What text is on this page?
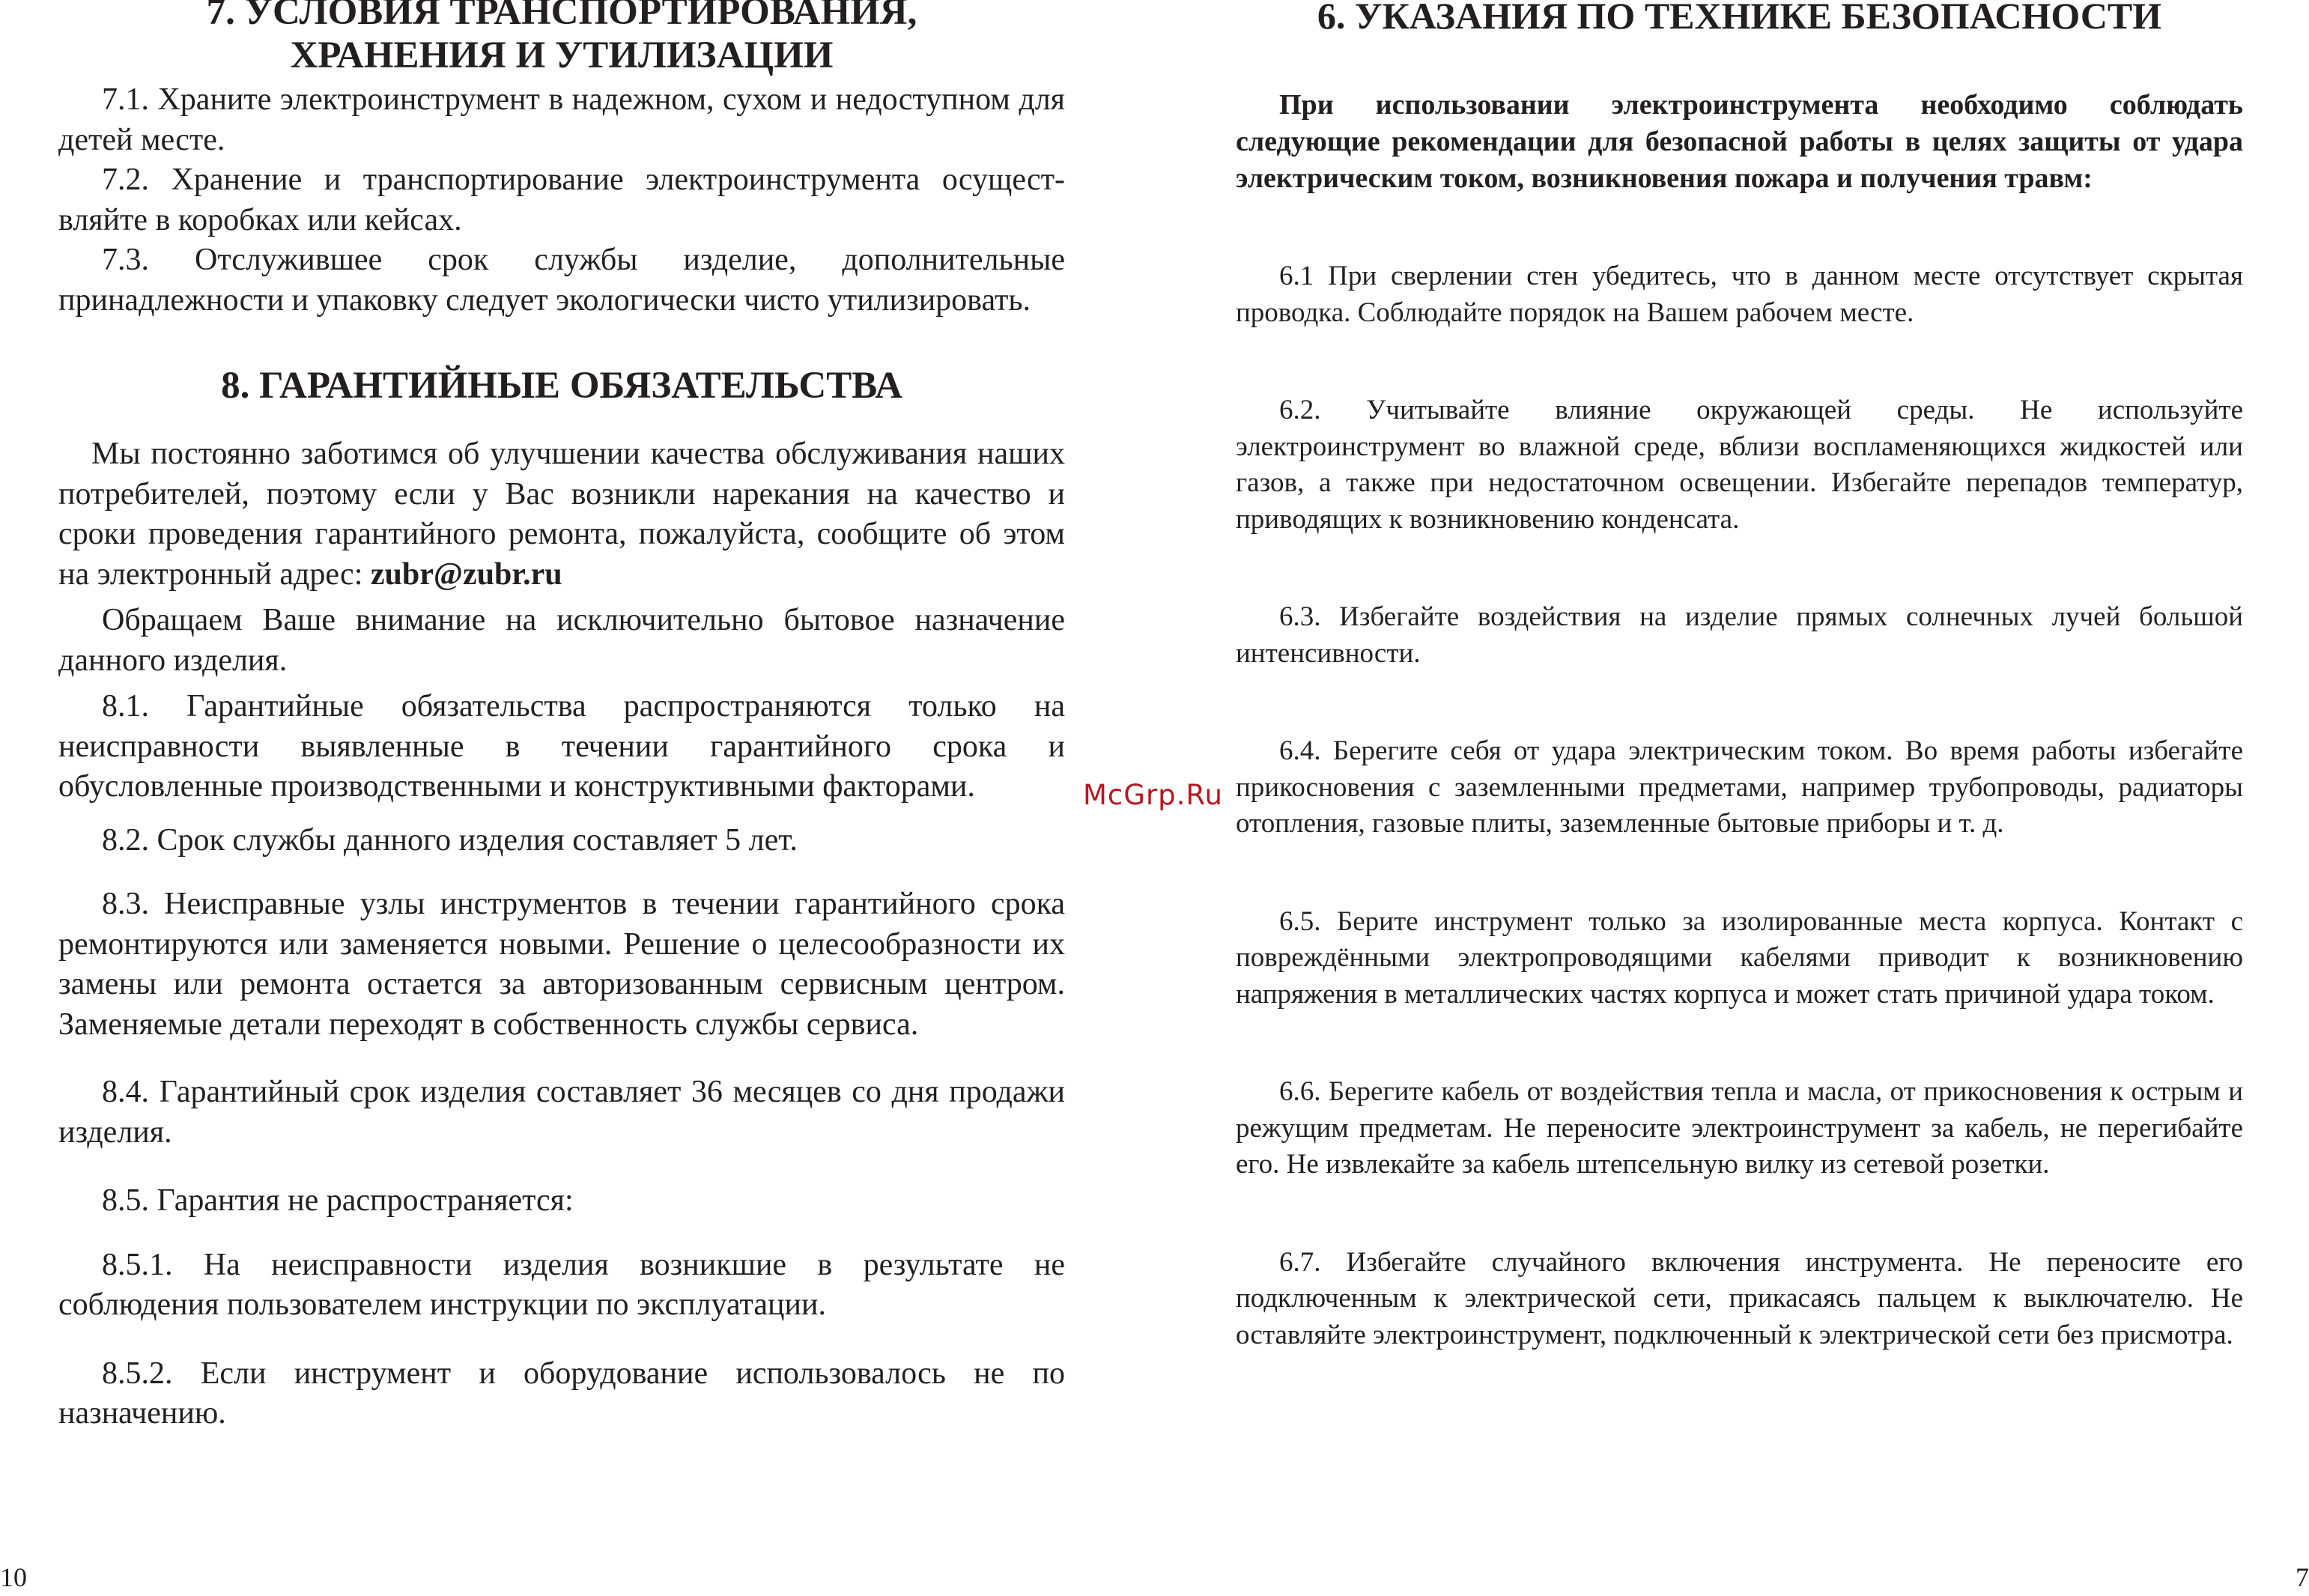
7. УСЛОВИЯ ТРАНСПОРТИРОВАНИЯ,
ХРАНЕНИЯ И УТИЛИЗАЦИИ

7.1. Храните электроинструмент в надежном, сухом и недоступном для детей месте.

7.2. Хранение и транспортирование электроинструмента осущест-вляйте в коробках или кейсах.

7.3. Отслужившее срок службы изделие, дополнительные принадлежности и упаковку следует экологически чисто утилизировать.

8. ГАРАНТИЙНЫЕ ОБЯЗАТЕЛЬСТВА

Мы постоянно заботимся об улучшении качества обслуживания наших потребителей, поэтому если у Вас возникли нарекания на качество и сроки проведения гарантийного ремонта, пожалуйста, сообщите об этом на электронный адрес: zubr@zubr.ru

Обращаем Ваше внимание на исключительно бытовое назначение данного изделия.

8.1. Гарантийные обязательства распространяются только на неисправности выявленные в течении гарантийного срока и обусловленные производственными и конструктивными факторами.

8.2. Срок службы данного изделия составляет 5 лет.

8.3. Неисправные узлы инструментов в течении гарантийного срока ремонтируются или заменяется новыми. Решение о целесообразности их замены или ремонта остается за авторизованным сервисным центром. Заменяемые детали переходят в собственность службы сервиса.

8.4. Гарантийный срок изделия составляет 36 месяцев со дня продажи изделия.

8.5. Гарантия не распространяется:

8.5.1. На неисправности изделия возникшие в результате не соблюдения пользователем инструкции по эксплуатации.

8.5.2. Если инструмент и оборудование использовалось не по назначению.

6. УКАЗАНИЯ ПО ТЕХНИКЕ БЕЗОПАСНОСТИ

При использовании электроинструмента необходимо соблюдать следующие рекомендации для безопасной работы в целях защиты от удара электрическим током, возникновения пожара и получения травм:

6.1 При сверлении стен убедитесь, что в данном месте отсутствует скрытая проводка. Соблюдайте порядок на Вашем рабочем месте.

6.2. Учитывайте влияние окружающей среды. Не используйте электроинструмент во влажной среде, вблизи воспламеняющихся жидкостей или газов, а также при недостаточном освещении. Избегайте перепадов температур, приводящих к возникновению конденсата.

6.3. Избегайте воздействия на изделие прямых солнечных лучей большой интенсивности.

6.4. Берегите себя от удара электрическим током. Во время работы избегайте прикосновения с заземленными предметами, например трубопроводы, радиаторы отопления, газовые плиты, заземленные бытовые приборы и т. д.

6.5. Берите инструмент только за изолированные места корпуса. Контакт с повреждёнными электропроводящими кабелями приводит к возникновению напряжения в металлических частях корпуса и может стать причиной удара током.

6.6. Берегите кабель от воздействия тепла и масла, от прикосновения к острым и режущим предметам. Не переносите электроинструмент за кабель, не перегибайте его. Не извлекайте за кабель штепсельную вилку из сетевой розетки.

6.7. Избегайте случайного включения инструмента. Не переносите его подключенным к электрической сети, прикасаясь пальцем к выключателю. Не оставляйте электроинструмент, подключенный к электрической сети без присмотра.

McGrp.Ru
10	7
